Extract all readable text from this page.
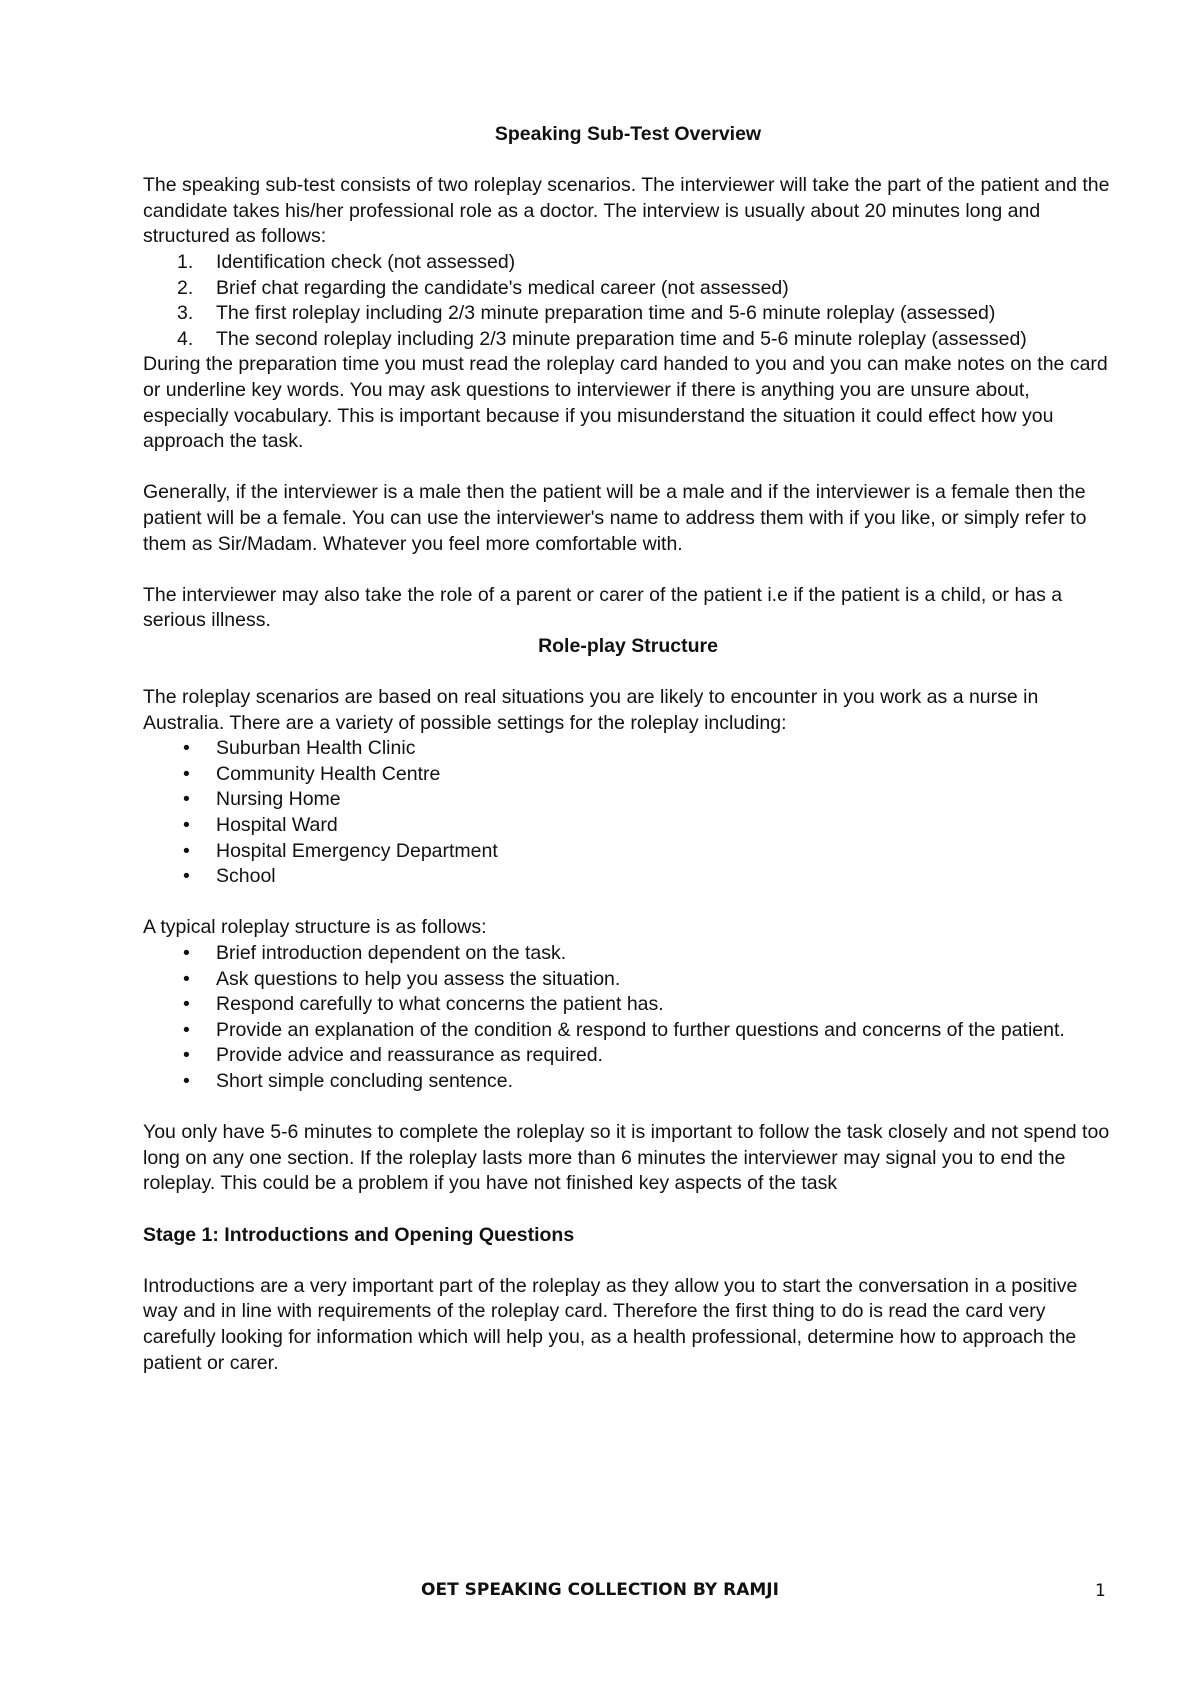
Speaking Sub-Test Overview

The speaking sub-test consists of two roleplay scenarios. The interviewer will take the part of the patient and the candidate takes his/her professional role as a doctor. The interview is usually about 20 minutes long and structured as follows:

1. Identification check (not assessed)
2. Brief chat regarding the candidate's medical career (not assessed)
3. The first roleplay including 2/3 minute preparation time and 5-6 minute roleplay (assessed)
4. The second roleplay including 2/3 minute preparation time and 5-6 minute roleplay (assessed)

During the preparation time you must read the roleplay card handed to you and you can make notes on the card or underline key words. You may ask questions to interviewer if there is anything you are unsure about, especially vocabulary. This is important because if you misunderstand the situation it could effect how you approach the task.

Generally, if the interviewer is a male then the patient will be a male and if the interviewer is a female then the patient will be a female. You can use the interviewer's name to address them with if you like, or simply refer to them as Sir/Madam. Whatever you feel more comfortable with.

The interviewer may also take the role of a parent or carer of the patient i.e if the patient is a child, or has a serious illness.

Role-play Structure

The roleplay scenarios are based on real situations you are likely to encounter in you work as a nurse in Australia. There are a variety of possible settings for the roleplay including:

• Suburban Health Clinic
• Community Health Centre
• Nursing Home
• Hospital Ward
• Hospital Emergency Department
• School

A typical roleplay structure is as follows:

• Brief introduction dependent on the task.
• Ask questions to help you assess the situation.
• Respond carefully to what concerns the patient has.
• Provide an explanation of the condition & respond to further questions and concerns of the patient.
• Provide advice and reassurance as required.
• Short simple concluding sentence.

You only have 5-6 minutes to complete the roleplay so it is important to follow the task closely and not spend too long on any one section. If the roleplay lasts more than 6 minutes the interviewer may signal you to end the roleplay. This could be a problem if you have not finished key aspects of the task

Stage 1: Introductions and Opening Questions

Introductions are a very important part of the roleplay as they allow you to start the conversation in a positive way and in line with requirements of the roleplay card. Therefore the first thing to do is read the card very carefully looking for information which will help you, as a health professional, determine how to approach the patient or carer.

OET SPEAKING COLLECTION BY RAMJI	1
